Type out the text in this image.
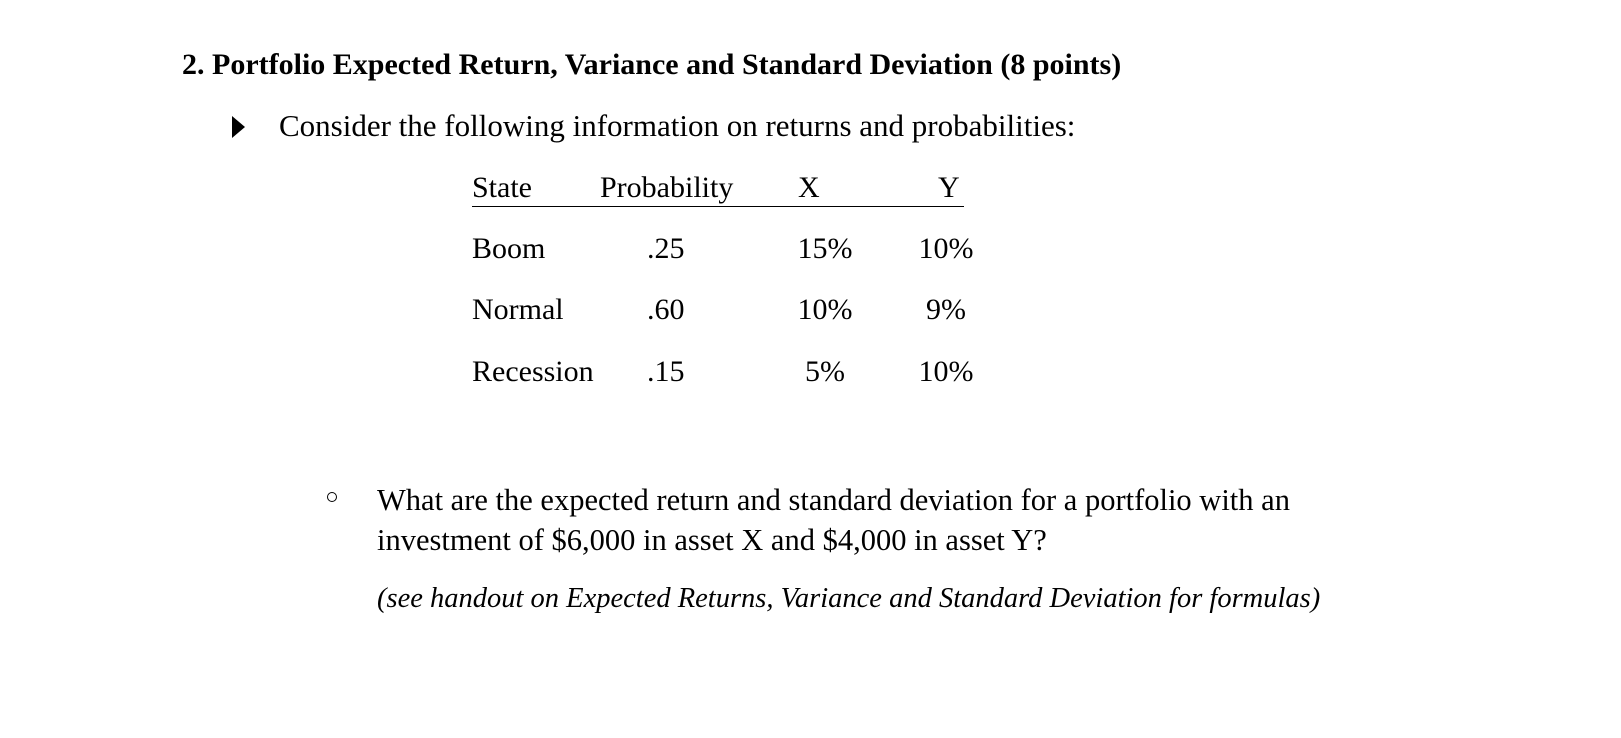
2. Portfolio Expected Return, Variance and Standard Deviation (8 points)
Consider the following information on returns and probabilities:
State Probability X	Y
Boom	.25	15% 10%
Normal	.60	10%	9%
Recession .15	5%	10%
What are the expected return and standard deviation for a portfolio with an
investment of $6,000 in asset X and $4,000 in asset Y?
(see handout on Expected Returns, Variance and Standard Deviation for formulas)
